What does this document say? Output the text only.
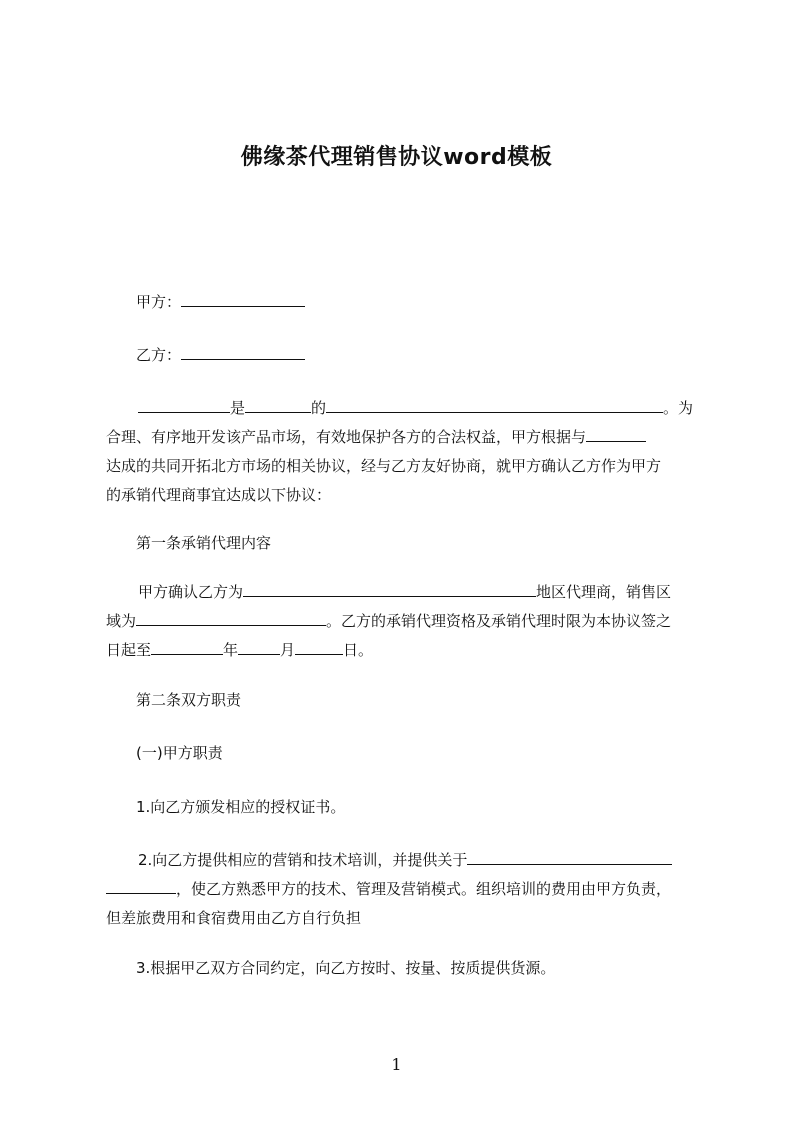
佛缘茶代理销售协议word模板
甲方：
乙方：
是	的	。为
合理、有序地开发该产品市场，有效地保护各方的合法权益，甲方根据与
达成的共同开拓北方市场的相关协议，经与乙方友好协商，就甲方确认乙方作为甲方
的承销代理商事宜达成以下协议：
第一条承销代理内容
甲方确认乙方为	地区代理商，销售区
域为	。乙方的承销代理资格及承销代理时限为本协议签之
日起至	年	月	日。
第二条双方职责
(一)甲方职责
1.向乙方颁发相应的授权证书。
2.向乙方提供相应的营销和技术培训，并提供关于
，使乙方熟悉甲方的技术、管理及营销模式。组织培训的费用由甲方负责，
但差旅费用和食宿费用由乙方自行负担
3.根据甲乙双方合同约定，向乙方按时、按量、按质提供货源。
1
